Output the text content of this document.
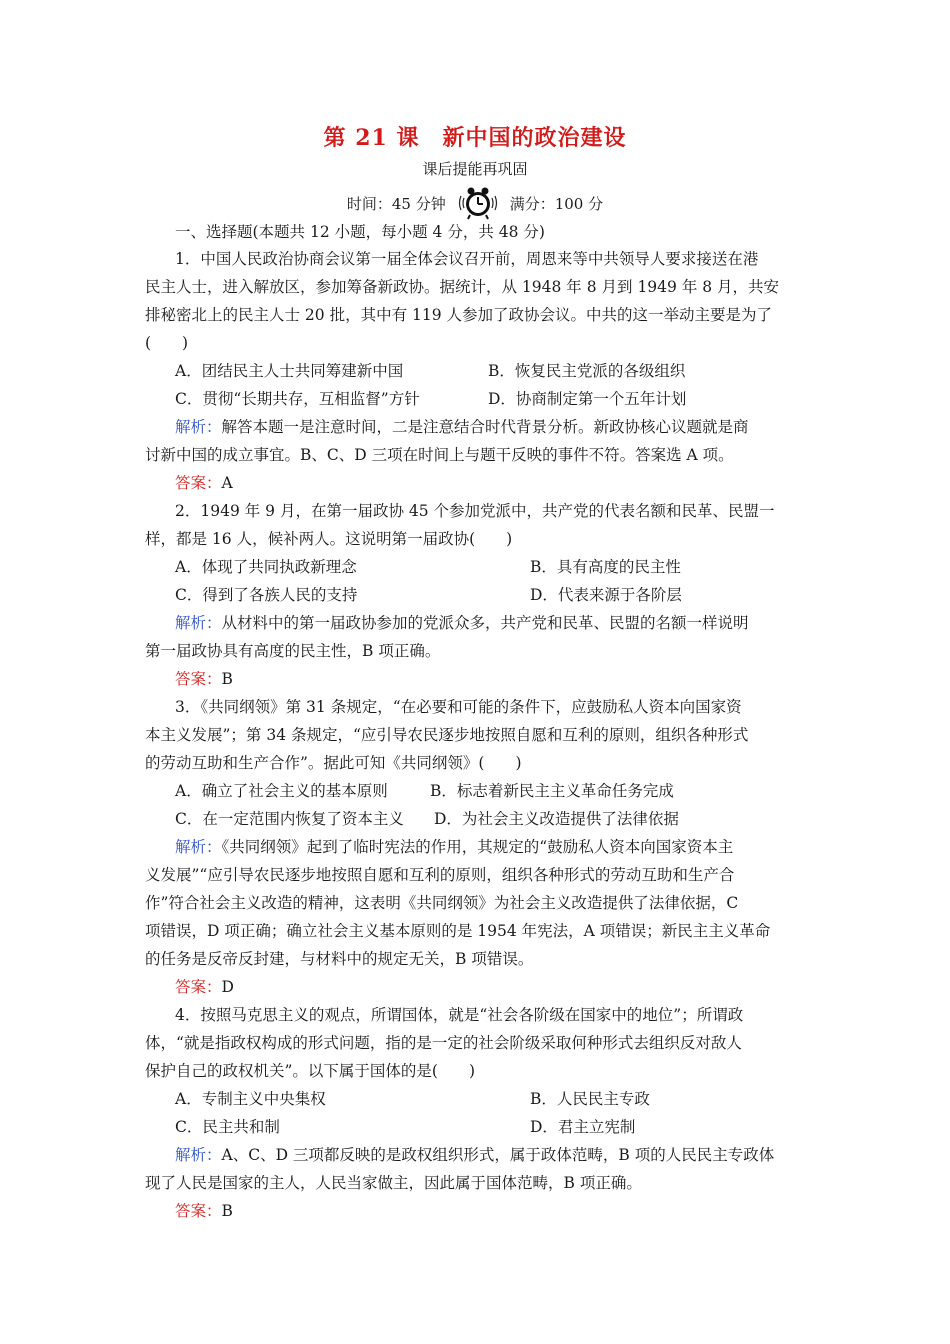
第 21 课　新中国的政治建设
课后提能再巩固
时间：45 分钟	满分：100 分
一、选择题(本题共 12 小题，每小题 4 分，共 48 分)
1．中国人民政治协商会议第一届全体会议召开前，周恩来等中共领导人要求接送在港
民主人士，进入解放区，参加筹备新政协。据统计，从 1948 年 8 月到 1949 年 8 月，共安
排秘密北上的民主人士 20 批，其中有 119 人参加了政协会议。中共的这一举动主要是为了
(　　)
A．团结民主人士共同筹建新中国	B．恢复民主党派的各级组织
C．贯彻“长期共存，互相监督”方针	D．协商制定第一个五年计划
解析：解答本题一是注意时间，二是注意结合时代背景分析。新政协核心议题就是商
讨新中国的成立事宜。B、C、D 三项在时间上与题干反映的事件不符。答案选 A 项。
答案：A
2．1949 年 9 月，在第一届政协 45 个参加党派中，共产党的代表名额和民革、民盟一
样，都是 16 人，候补两人。这说明第一届政协(　　)
A．体现了共同执政新理念	B．具有高度的民主性
C．得到了各族人民的支持	D．代表来源于各阶层
解析：从材料中的第一届政协参加的党派众多，共产党和民革、民盟的名额一样说明
第一届政协具有高度的民主性，B 项正确。
答案：B
3．《共同纲领》第 31 条规定，“在必要和可能的条件下，应鼓励私人资本向国家资
本主义发展”；第 34 条规定，“应引导农民逐步地按照自愿和互利的原则，组织各种形式
的劳动互助和生产合作”。据此可知《共同纲领》(　　)
A．确立了社会主义的基本原则	B．标志着新民主主义革命任务完成
C．在一定范围内恢复了资本主义 D．为社会主义改造提供了法律依据
解析：《共同纲领》起到了临时宪法的作用，其规定的“鼓励私人资本向国家资本主
义发展”“应引导农民逐步地按照自愿和互利的原则，组织各种形式的劳动互助和生产合
作”符合社会主义改造的精神，这表明《共同纲领》为社会主义改造提供了法律依据，C
项错误，D 项正确；确立社会主义基本原则的是 1954 年宪法，A 项错误；新民主主义革命
的任务是反帝反封建，与材料中的规定无关，B 项错误。
答案：D
4．按照马克思主义的观点，所谓国体，就是“社会各阶级在国家中的地位”；所谓政
体，“就是指政权构成的形式问题，指的是一定的社会阶级采取何种形式去组织反对敌人
保护自己的政权机关”。以下属于国体的是(　　)
A．专制主义中央集权	B．人民民主专政
C．民主共和制	D．君主立宪制
解析：A、C、D 三项都反映的是政权组织形式，属于政体范畴，B 项的人民民主专政体
现了人民是国家的主人，人民当家做主，因此属于国体范畴，B 项正确。
答案：B
